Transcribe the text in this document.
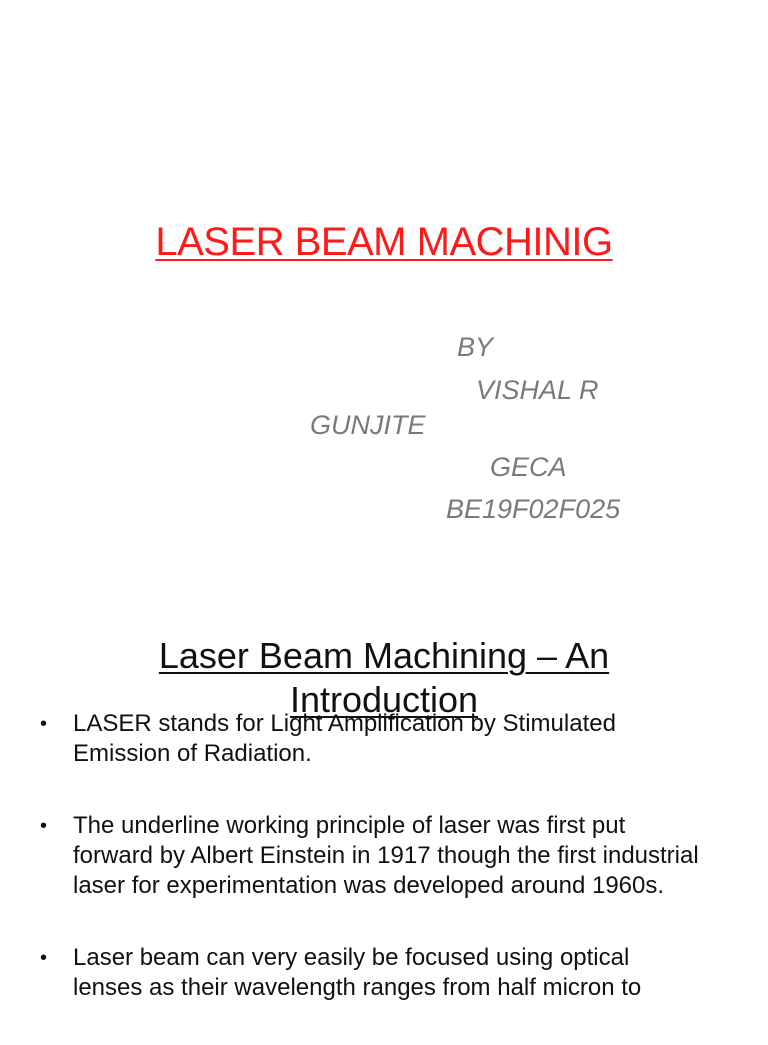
LASER BEAM MACHINIG
BY
VISHAL R
GUNJITE
GECA
BE19F02F025
Laser Beam Machining – An
Introduction
• LASER stands for Light Amplification by Stimulated Emission of Radiation.
• The underline working principle of laser was first put forward by Albert Einstein in 1917 though the first industrial laser for experimentation was developed around 1960s.
• Laser beam can very easily be focused using optical lenses as their wavelength ranges from half micron to
